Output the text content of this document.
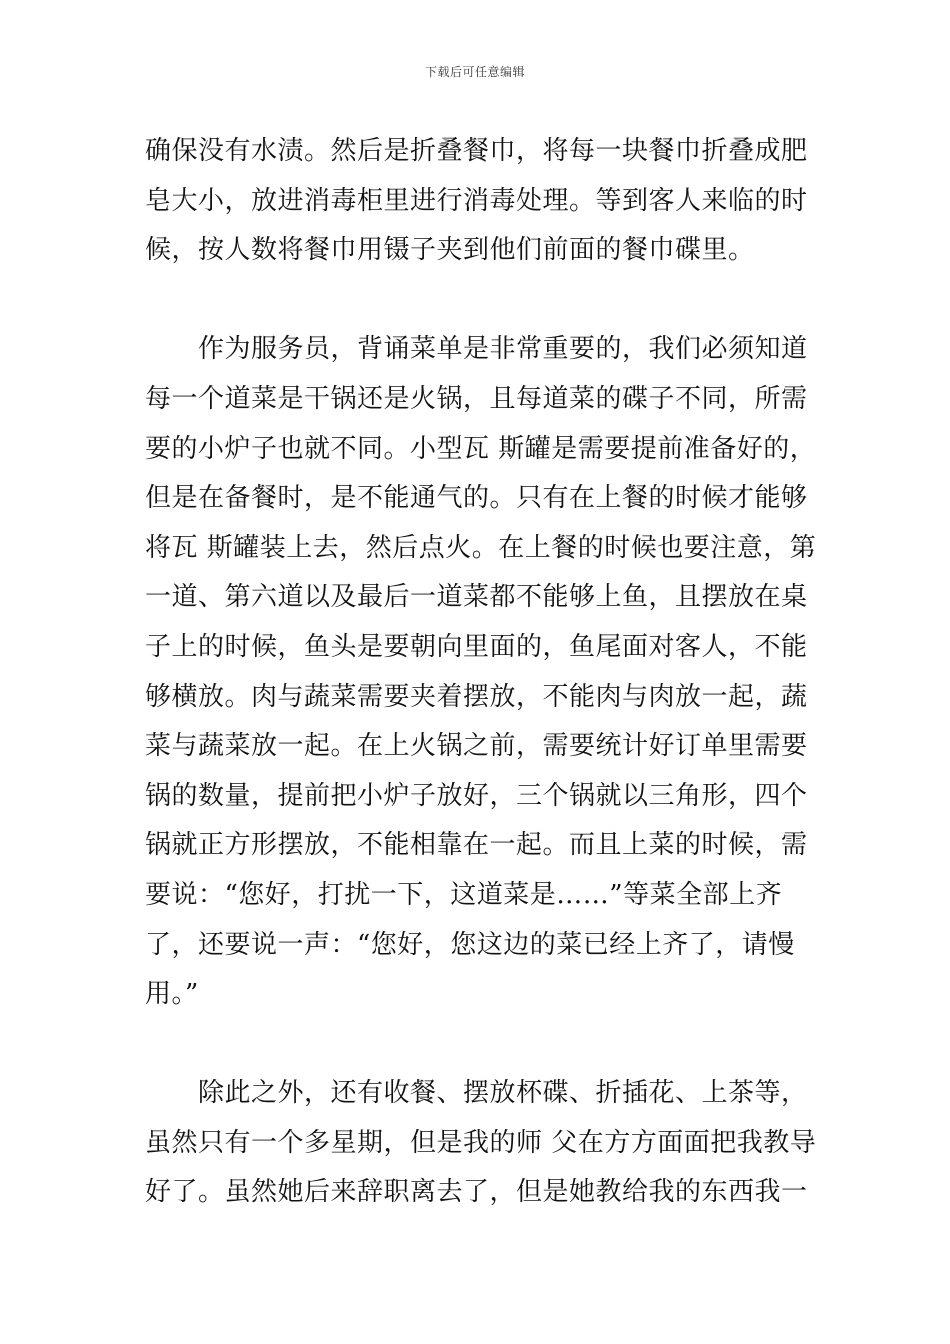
下载后可任意编辑
确保没有水渍。然后是折叠餐巾，将每一块餐巾折叠成肥
皂大小，放进消毒柜里进行消毒处理。等到客人来临的时
候，按人数将餐巾用镊子夹到他们前面的餐巾碟里。
作为服务员，背诵菜单是非常重要的，我们必须知道
每一个道菜是干锅还是火锅，且每道菜的碟子不同，所需
要的小炉子也就不同。小型瓦 斯罐是需要提前准备好的，
但是在备餐时，是不能通气的。只有在上餐的时候才能够
将瓦 斯罐装上去，然后点火。在上餐的时候也要注意，第
一道、第六道以及最后一道菜都不能够上鱼，且摆放在桌
子上的时候，鱼头是要朝向里面的，鱼尾面对客人，不能
够横放。肉与蔬菜需要夹着摆放，不能肉与肉放一起，蔬
菜与蔬菜放一起。在上火锅之前，需要统计好订单里需要
锅的数量，提前把小炉子放好，三个锅就以三角形，四个
锅就正方形摆放，不能相靠在一起。而且上菜的时候，需
要说：“您好，打扰一下，这道菜是……”等菜全部上齐
了，还要说一声：“您好，您这边的菜已经上齐了，请慢
用。”
除此之外，还有收餐、摆放杯碟、折插花、上茶等，
虽然只有一个多星期，但是我的师 父在方方面面把我教导
好了。虽然她后来辞职离去了，但是她教给我的东西我一
